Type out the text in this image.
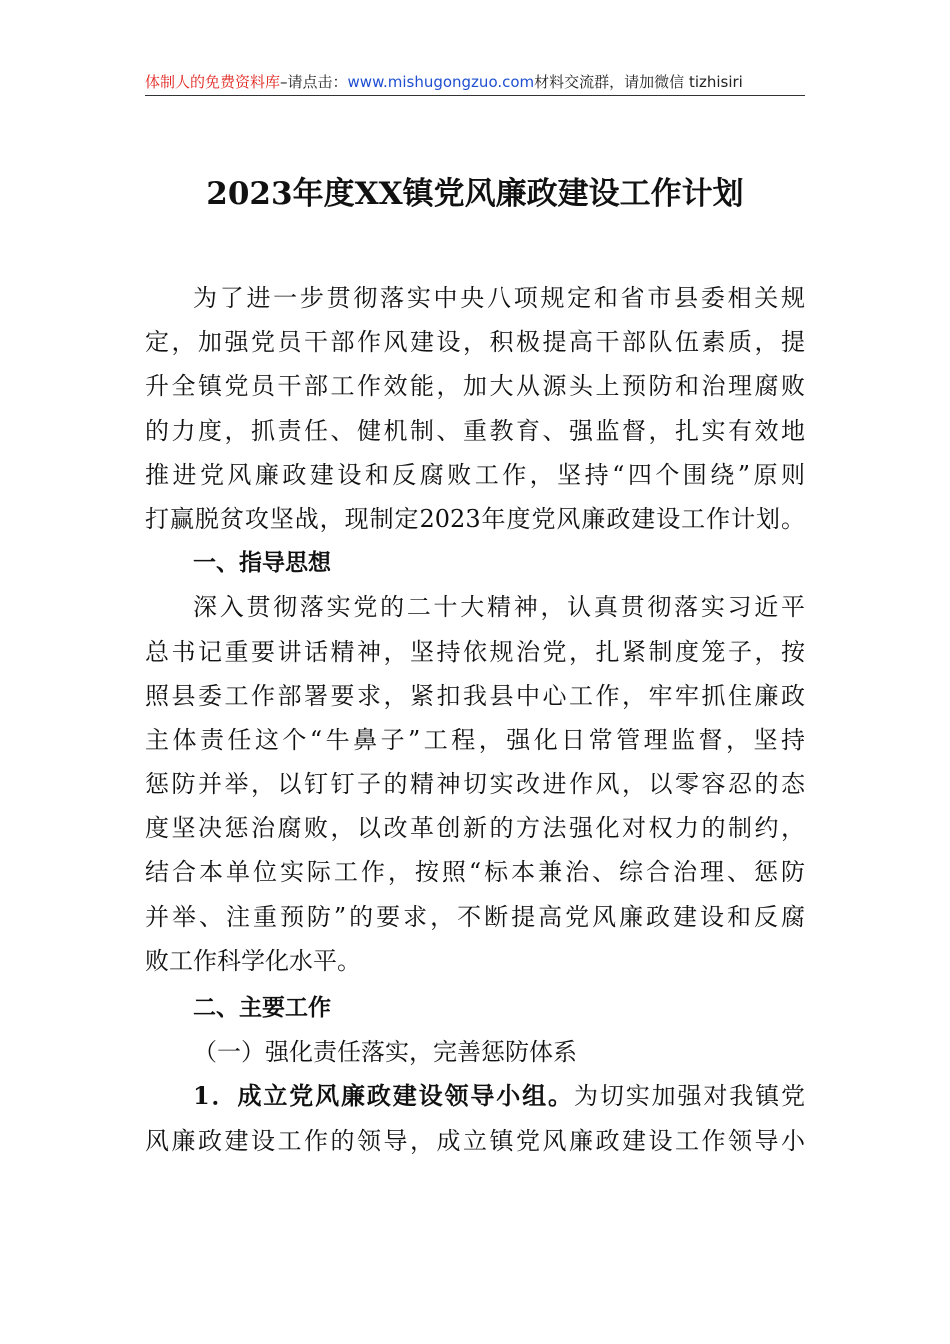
体制人的免费资料库–请点击：www.mishugongzuo.com材料交流群，请加微信 tizhisiri
2023年度XX镇党风廉政建设工作计划
为了进一步贯彻落实中央八项规定和省市县委相关规
定，加强党员干部作风建设，积极提高干部队伍素质，提
升全镇党员干部工作效能，加大从源头上预防和治理腐败
的力度，抓责任、健机制、重教育、强监督，扎实有效地
推进党风廉政建设和反腐败工作，坚持“四个围绕”原则
打赢脱贫攻坚战，现制定2023年度党风廉政建设工作计划。
一、指导思想
深入贯彻落实党的二十大精神，认真贯彻落实习近平
总书记重要讲话精神，坚持依规治党，扎紧制度笼子，按
照县委工作部署要求，紧扣我县中心工作，牢牢抓住廉政
主体责任这个“牛鼻子”工程，强化日常管理监督，坚持
惩防并举，以钉钉子的精神切实改进作风，以零容忍的态
度坚决惩治腐败，以改革创新的方法强化对权力的制约，
结合本单位实际工作，按照“标本兼治、综合治理、惩防
并举、注重预防”的要求，不断提高党风廉政建设和反腐
败工作科学化水平。
二、主要工作
（一）强化责任落实，完善惩防体系
1．成立党风廉政建设领导小组。为切实加强对我镇党
风廉政建设工作的领导，成立镇党风廉政建设工作领导小
